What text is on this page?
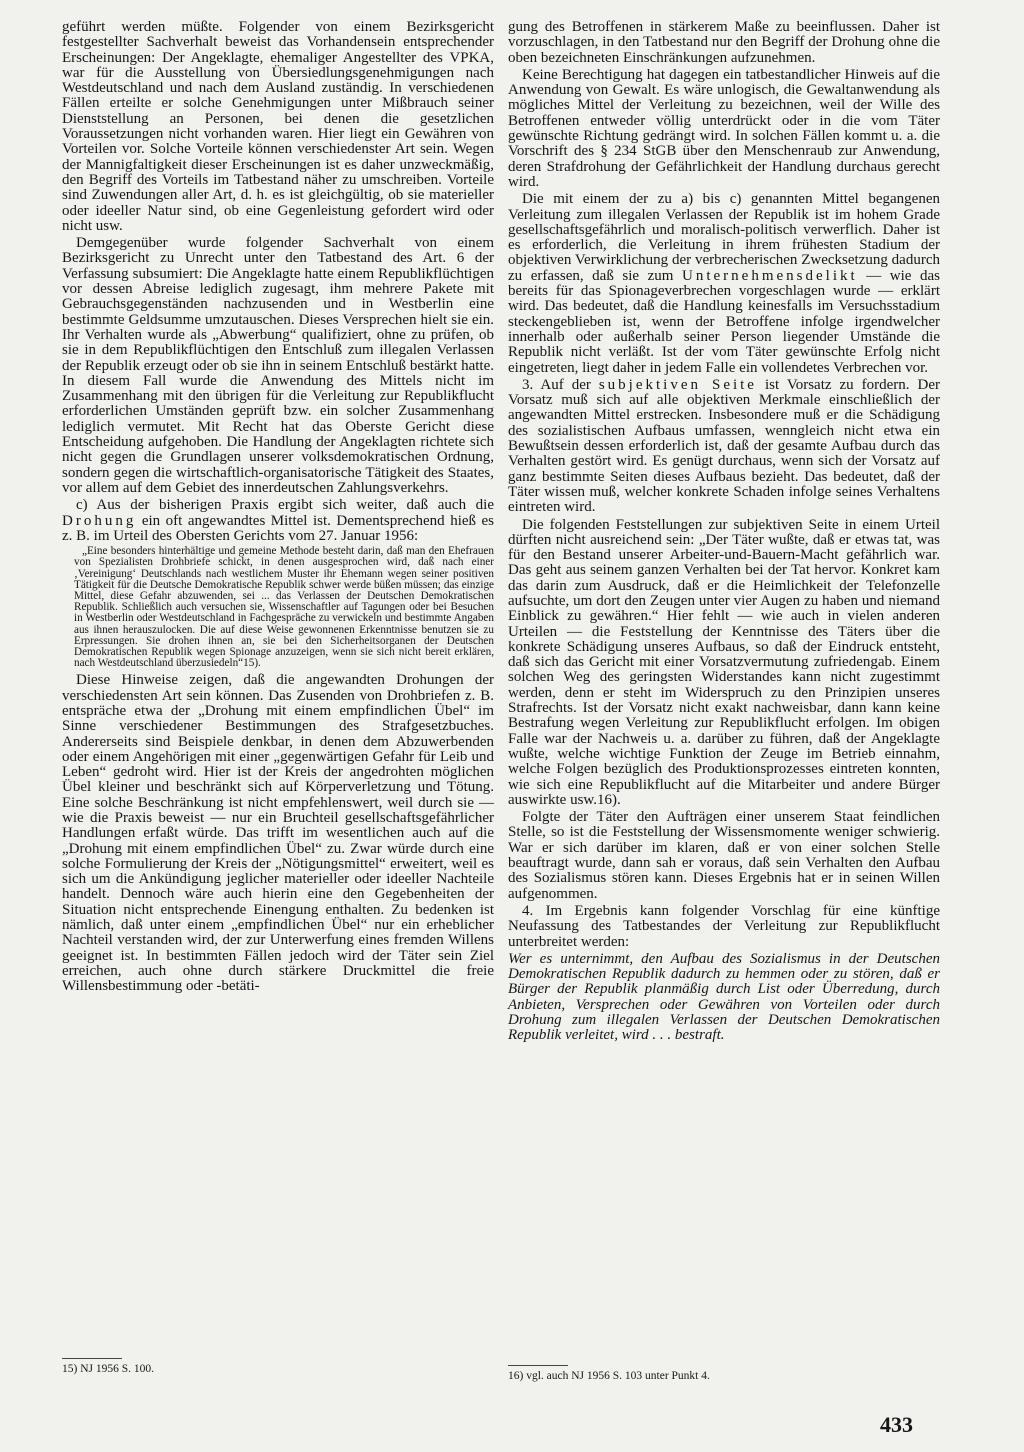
geführt werden müßte. Folgender von einem Bezirksgericht festgestellter Sachverhalt beweist das Vorhandensein entsprechender Erscheinungen: Der Angeklagte, ehemaliger Angestellter des VPKA, war für die Ausstellung von Übersiedlungsgenehmigungen nach Westdeutschland und nach dem Ausland zuständig. In verschiedenen Fällen erteilte er solche Genehmigungen unter Mißbrauch seiner Dienststellung an Personen, bei denen die gesetzlichen Voraussetzungen nicht vorhanden waren. Hier liegt ein Gewähren von Vorteilen vor. Solche Vorteile können verschiedenster Art sein. Wegen der Mannigfaltigkeit dieser Erscheinungen ist es daher unzweckmäßig, den Begriff des Vorteils im Tatbestand näher zu umschreiben. Vorteile sind Zuwendungen aller Art, d. h. es ist gleichgültig, ob sie materieller oder ideeller Natur sind, ob eine Gegenleistung gefordert wird oder nicht usw.

Demgegenüber wurde folgender Sachverhalt von einem Bezirksgericht zu Unrecht unter den Tatbestand des Art. 6 der Verfassung subsumiert: Die Angeklagte hatte einem Republikflüchtigen vor dessen Abreise lediglich zugesagt, ihm mehrere Pakete mit Gebrauchsgegenständen nachzusenden und in Westberlin eine bestimmte Geldsumme umzutauschen. Dieses Versprechen hielt sie ein. Ihr Verhalten wurde als „Abwerbung“ qualifiziert, ohne zu prüfen, ob sie in dem Republikflüchtigen den Entschluß zum illegalen Verlassen der Republik erzeugt oder ob sie ihn in seinem Entschluß bestärkt hatte. In diesem Fall wurde die Anwendung des Mittels nicht im Zusammenhang mit den übrigen für die Verleitung zur Republikflucht erforderlichen Umständen geprüft bzw. ein solcher Zusammenhang lediglich vermutet. Mit Recht hat das Oberste Gericht diese Entscheidung aufgehoben. Die Handlung der Angeklagten richtete sich nicht gegen die Grundlagen unserer volksdemokratischen Ordnung, sondern gegen die wirtschaftlich-organisatorische Tätigkeit des Staates, vor allem auf dem Gebiet des innerdeutschen Zahlungsverkehrs.

c) Aus der bisherigen Praxis ergibt sich weiter, daß auch die Drohung ein oft angewandtes Mittel ist. Dementsprechend hieß es z. B. im Urteil des Obersten Gerichts vom 27. Januar 1956:

„Eine besonders hinterhältige und gemeine Methode besteht darin, daß man den Ehefrauen von Spezialisten Drohbriefe schickt, in denen ausgesprochen wird, daß nach einer ‚Vereinigung‘ Deutschlands nach westlichem Muster ihr Ehemann wegen seiner positiven Tätigkeit für die Deutsche Demokratische Republik schwer werde büßen müssen; das einzige Mittel, diese Gefahr abzuwenden, sei ... das Verlassen der Deutschen Demokratischen Republik. Schließlich auch versuchen sie, Wissenschaftler auf Tagungen oder bei Besuchen in Westberlin oder Westdeutschland in Fachgespräche zu verwickeln und bestimmte Angaben aus ihnen herauszulocken. Die auf diese Weise gewonnenen Erkenntnisse benutzen sie zu Erpressungen. Sie drohen ihnen an, sie bei den Sicherheitsorganen der Deutschen Demokratischen Republik wegen Spionage anzuzeigen, wenn sie sich nicht bereit erklären, nach Westdeutschland überzusiedeln“15).

Diese Hinweise zeigen, daß die angewandten Drohungen der verschiedensten Art sein können. Das Zusenden von Drohbriefen z. B. entspräche etwa der „Drohung mit einem empfindlichen Übel“ im Sinne verschiedener Bestimmungen des Strafgesetzbuches. Andererseits sind Beispiele denkbar, in denen dem Abzuwerbenden oder einem Angehörigen mit einer „gegenwärtigen Gefahr für Leib und Leben“ gedroht wird. Hier ist der Kreis der angedrohten möglichen Übel kleiner und beschränkt sich auf Körperverletzung und Tötung. Eine solche Beschränkung ist nicht empfehlenswert, weil durch sie — wie die Praxis beweist — nur ein Bruchteil gesellschaftsgefährlicher Handlungen erfaßt würde. Das trifft im wesentlichen auch auf die „Drohung mit einem empfindlichen Übel“ zu. Zwar würde durch eine solche Formulierung der Kreis der „Nötigungsmittel“ erweitert, weil es sich um die Ankündigung jeglicher materieller oder ideeller Nachteile handelt. Dennoch wäre auch hierin eine den Gegebenheiten der Situation nicht entsprechende Einengung enthalten. Zu bedenken ist nämlich, daß unter einem „empfindlichen Übel“ nur ein erheblicher Nachteil verstanden wird, der zur Unterwerfung eines fremden Willens geeignet ist. In bestimmten Fällen jedoch wird der Täter sein Ziel erreichen, auch ohne durch stärkere Druckmittel die freie Willensbestimmung oder -betäti-

15) NJ 1956 S. 100.

gung des Betroffenen in stärkerem Maße zu beeinflussen. Daher ist vorzuschlagen, in den Tatbestand nur den Begriff der Drohung ohne die oben bezeichneten Einschränkungen aufzunehmen.

Keine Berechtigung hat dagegen ein tatbestandlicher Hinweis auf die Anwendung von Gewalt. Es wäre unlogisch, die Gewaltanwendung als mögliches Mittel der Verleitung zu bezeichnen, weil der Wille des Betroffenen entweder völlig unterdrückt oder in die vom Täter gewünschte Richtung gedrängt wird. In solchen Fällen kommt u. a. die Vorschrift des § 234 StGB über den Menschenraub zur Anwendung, deren Strafdrohung der Gefährlichkeit der Handlung durchaus gerecht wird.

Die mit einem der zu a) bis c) genannten Mittel begangenen Verleitung zum illegalen Verlassen der Republik ist im hohem Grade gesellschaftsgefährlich und moralisch-politisch verwerflich. Daher ist es erforderlich, die Verleitung in ihrem frühesten Stadium der objektiven Verwirklichung der verbrecherischen Zwecksetzung dadurch zu erfassen, daß sie zum Unternehmensdelikt — wie das bereits für das Spionageverbrechen vorgeschlagen wurde — erklärt wird. Das bedeutet, daß die Handlung keinesfalls im Versuchsstadium steckengeblieben ist, wenn der Betroffene infolge irgendwelcher innerhalb oder außerhalb seiner Person liegender Umstände die Republik nicht verläßt. Ist der vom Täter gewünschte Erfolg nicht eingetreten, liegt daher in jedem Falle ein vollendetes Verbrechen vor.

3. Auf der subjektiven Seite ist Vorsatz zu fordern. Der Vorsatz muß sich auf alle objektiven Merkmale einschließlich der angewandten Mittel erstrecken. Insbesondere muß er die Schädigung des sozialistischen Aufbaus umfassen, wenngleich nicht etwa ein Bewußtsein dessen erforderlich ist, daß der gesamte Aufbau durch das Verhalten gestört wird. Es genügt durchaus, wenn sich der Vorsatz auf ganz bestimmte Seiten dieses Aufbaus bezieht. Das bedeutet, daß der Täter wissen muß, welcher konkrete Schaden infolge seines Verhaltens eintreten wird.

Die folgenden Feststellungen zur subjektiven Seite in einem Urteil dürften nicht ausreichend sein: „Der Täter wußte, daß er etwas tat, was für den Bestand unserer Arbeiter-und-Bauern-Macht gefährlich war. Das geht aus seinem ganzen Verhalten bei der Tat hervor. Konkret kam das darin zum Ausdruck, daß er die Heimlichkeit der Telefonzelle aufsuchte, um dort den Zeugen unter vier Augen zu haben und niemand Einblick zu gewähren.“ Hier fehlt — wie auch in vielen anderen Urteilen — die Feststellung der Kenntnisse des Täters über die konkrete Schädigung unseres Aufbaus, so daß der Eindruck entsteht, daß sich das Gericht mit einer Vorsatzvermutung zufriedengab. Einem solchen Weg des geringsten Widerstandes kann nicht zugestimmt werden, denn er steht im Widerspruch zu den Prinzipien unseres Strafrechts. Ist der Vorsatz nicht exakt nachweisbar, dann kann keine Bestrafung wegen Verleitung zur Republikflucht erfolgen. Im obigen Falle war der Nachweis u. a. darüber zu führen, daß der Angeklagte wußte, welche wichtige Funktion der Zeuge im Betrieb einnahm, welche Folgen bezüglich des Produktionsprozesses eintreten konnten, wie sich eine Republikflucht auf die Mitarbeiter und andere Bürger auswirkte usw.16).

Folgte der Täter den Aufträgen einer unserem Staat feindlichen Stelle, so ist die Feststellung der Wissensmomente weniger schwierig. War er sich darüber im klaren, daß er von einer solchen Stelle beauftragt wurde, dann sah er voraus, daß sein Verhalten den Aufbau des Sozialismus stören kann. Dieses Ergebnis hat er in seinen Willen aufgenommen.

4. Im Ergebnis kann folgender Vorschlag für eine künftige Neufassung des Tatbestandes der Verleitung zur Republikflucht unterbreitet werden:

Wer es unternimmt, den Aufbau des Sozialismus in der Deutschen Demokratischen Republik dadurch zu hemmen oder zu stören, daß er Bürger der Republik planmäßig durch List oder Überredung, durch Anbieten, Versprechen oder Gewähren von Vorteilen oder durch Drohung zum illegalen Verlassen der Deutschen Demokratischen Republik verleitet, wird . . . bestraft.

16) vgl. auch NJ 1956 S. 103 unter Punkt 4.

433
